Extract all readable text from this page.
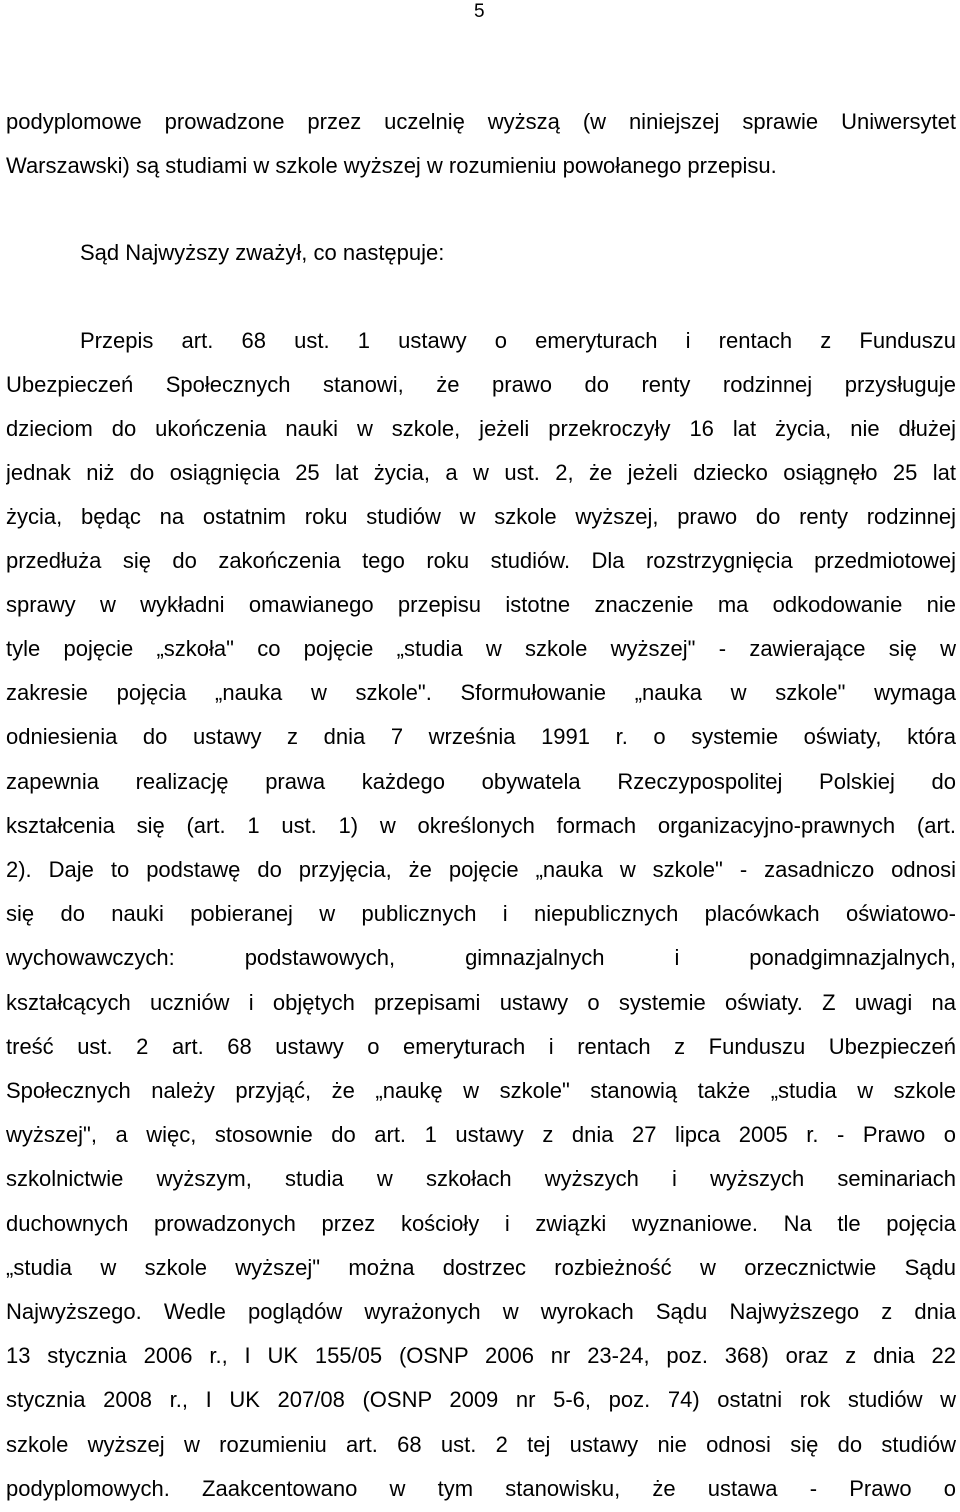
5
podyplomowe prowadzone przez uczelnię wyższą (w niniejszej sprawie Uniwersytet
Warszawski) są studiami w szkole wyższej w rozumieniu powołanego przepisu.
Sąd Najwyższy zważył, co następuje:
Przepis art. 68 ust. 1 ustawy o emeryturach i rentach z Funduszu
Ubezpieczeń Społecznych stanowi, że prawo do renty rodzinnej przysługuje
dzieciom do ukończenia nauki w szkole, jeżeli przekroczyły 16 lat życia, nie dłużej
jednak niż do osiągnięcia 25 lat życia, a w ust. 2, że jeżeli dziecko osiągnęło 25 lat
życia, będąc na ostatnim roku studiów w szkole wyższej, prawo do renty rodzinnej
przedłuża się do zakończenia tego roku studiów. Dla rozstrzygnięcia przedmiotowej
sprawy w wykładni omawianego przepisu istotne znaczenie ma odkodowanie nie
tyle pojęcie „szkoła" co pojęcie „studia w szkole wyższej" - zawierające się w
zakresie pojęcia „nauka w szkole". Sformułowanie „nauka w szkole" wymaga
odniesienia do ustawy z dnia 7 września 1991 r. o systemie oświaty, która
zapewnia realizację prawa każdego obywatela Rzeczypospolitej Polskiej do
kształcenia się (art. 1 ust. 1) w określonych formach organizacyjno-prawnych (art.
2). Daje to podstawę do przyjęcia, że pojęcie „nauka w szkole" - zasadniczo odnosi
się do nauki pobieranej w publicznych i niepublicznych placówkach oświatowo-
wychowawczych: podstawowych, gimnazjalnych i ponadgimnazjalnych,
kształcących uczniów i objętych przepisami ustawy o systemie oświaty. Z uwagi na
treść ust. 2 art. 68 ustawy o emeryturach i rentach z Funduszu Ubezpieczeń
Społecznych należy przyjąć, że „naukę w szkole" stanowią także „studia w szkole
wyższej", a więc, stosownie do art. 1 ustawy z dnia 27 lipca 2005 r. - Prawo o
szkolnictwie wyższym, studia w szkołach wyższych i wyższych seminariach
duchownych prowadzonych przez kościoły i związki wyznaniowe. Na tle pojęcia
„studia w szkole wyższej" można dostrzec rozbieżność w orzecznictwie Sądu
Najwyższego. Wedle poglądów wyrażonych w wyrokach Sądu Najwyższego z dnia
13 stycznia 2006 r., I UK 155/05 (OSNP 2006 nr 23-24, poz. 368) oraz z dnia 22
stycznia 2008 r., I UK 207/08 (OSNP 2009 nr 5-6, poz. 74) ostatni rok studiów w
szkole wyższej w rozumieniu art. 68 ust. 2 tej ustawy nie odnosi się do studiów
podyplomowych. Zaakcentowano w tym stanowisku, że ustawa - Prawo o
